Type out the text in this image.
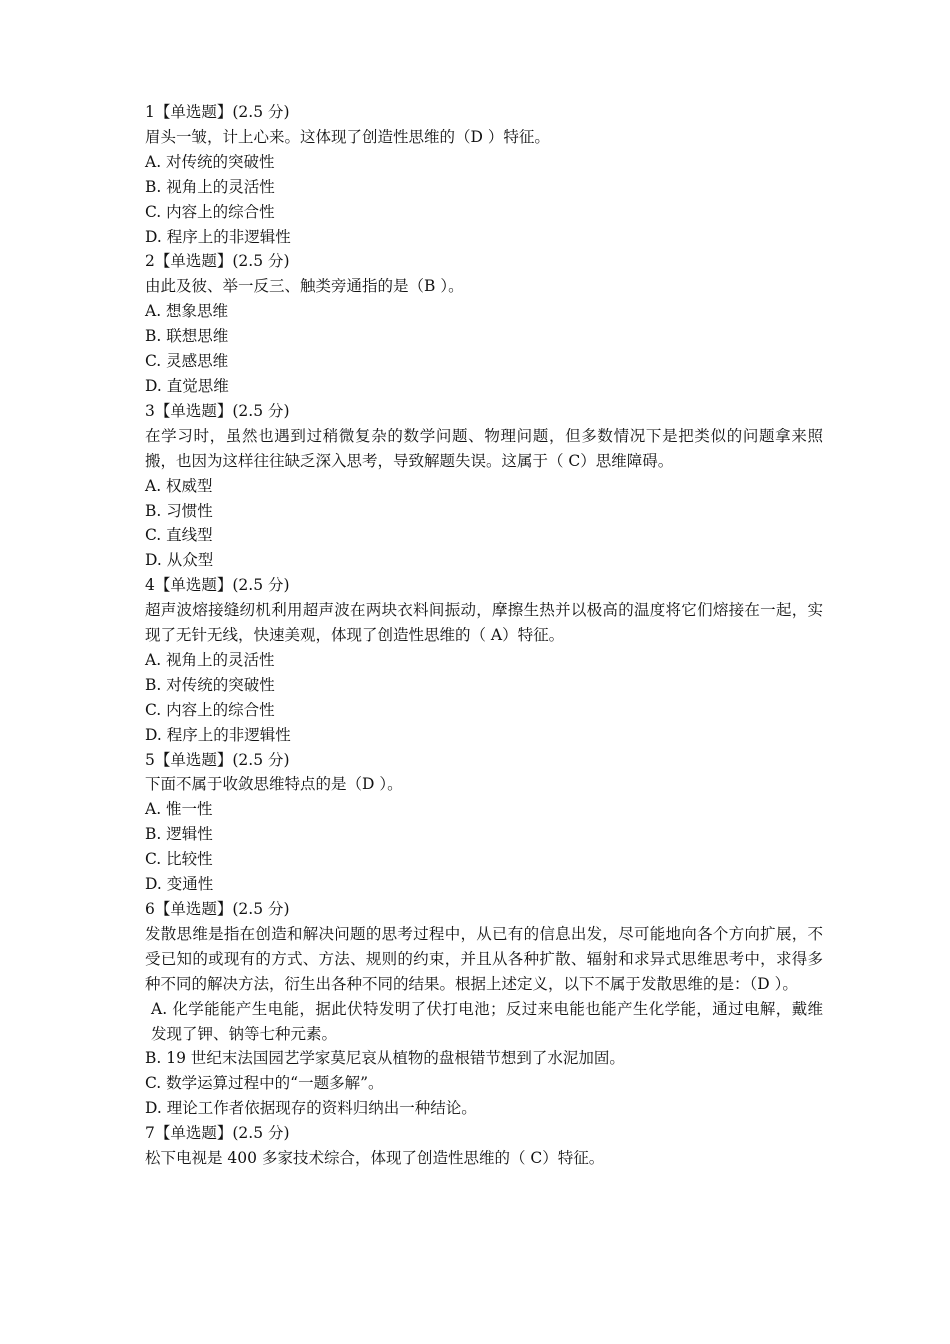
1【单选题】(2.5 分)
眉头一皱，计上心来。这体现了创造性思维的（D ）特征。
A. 对传统的突破性
B. 视角上的灵活性
C. 内容上的综合性
D. 程序上的非逻辑性
2【单选题】(2.5 分)
由此及彼、举一反三、触类旁通指的是（B ）。
A. 想象思维
B. 联想思维
C. 灵感思维
D. 直觉思维
3【单选题】(2.5 分)
在学习时，虽然也遇到过稍微复杂的数学问题、物理问题，但多数情况下是把类似的问题拿来照搬，也因为这样往往缺乏深入思考，导致解题失误。这属于（ C）思维障碍。
A. 权威型
B. 习惯性
C. 直线型
D. 从众型
4【单选题】(2.5 分)
超声波熔接缝纫机利用超声波在两块衣料间振动，摩擦生热并以极高的温度将它们熔接在一起，实现了无针无线，快速美观，体现了创造性思维的（ A）特征。
A. 视角上的灵活性
B. 对传统的突破性
C. 内容上的综合性
D. 程序上的非逻辑性
5【单选题】(2.5 分)
下面不属于收敛思维特点的是（D ）。
A. 惟一性
B. 逻辑性
C. 比较性
D. 变通性
6【单选题】(2.5 分)
发散思维是指在创造和解决问题的思考过程中，从已有的信息出发，尽可能地向各个方向扩展，不受已知的或现有的方式、方法、规则的约束，并且从各种扩散、辐射和求异式思维思考中，求得多种不同的解决方法，衍生出各种不同的结果。根据上述定义，以下不属于发散思维的是：（D ）。
A. 化学能能产生电能，据此伏特发明了伏打电池；反过来电能也能产生化学能，通过电解，戴维发现了钾、钠等七种元素。
B. 19 世纪末法国园艺学家莫尼哀从植物的盘根错节想到了水泥加固。
C. 数学运算过程中的“一题多解”。
D. 理论工作者依据现存的资料归纳出一种结论。
7【单选题】(2.5 分)
松下电视是 400 多家技术综合，体现了创造性思维的（ C）特征。
